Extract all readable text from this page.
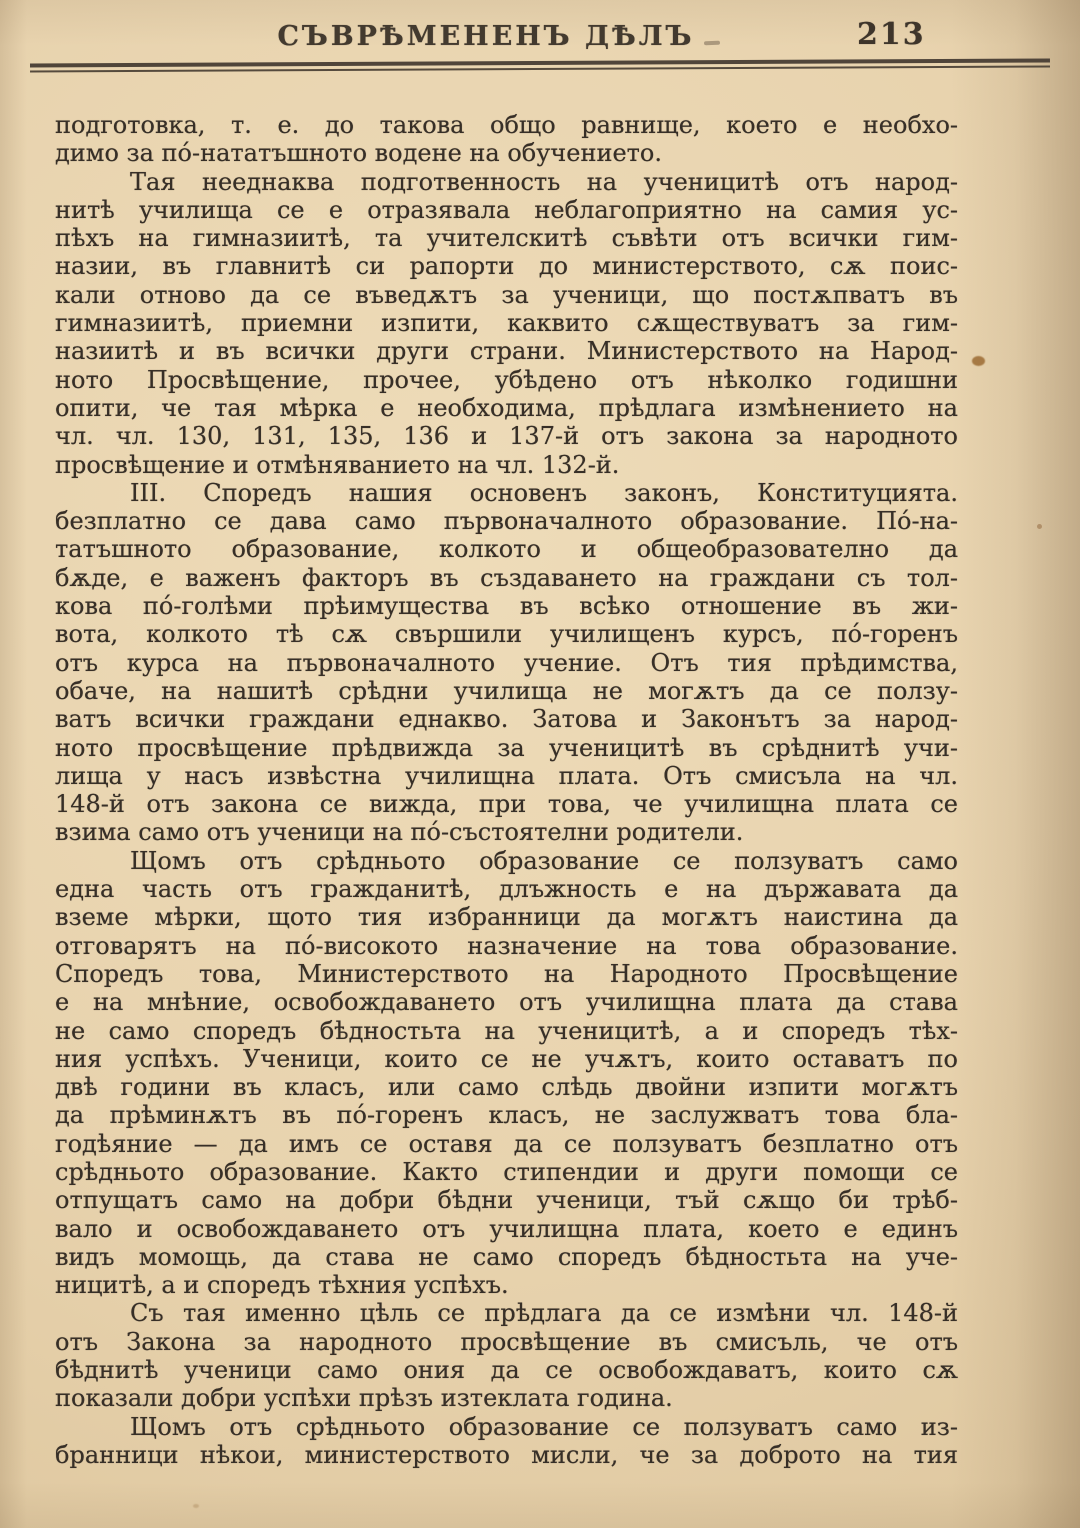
СЪВРѢМЕНЕНЪ ДѢЛЪ	213
подготовка, т. е. до такова общо равнище, което е необхо-
димо за пó-нататъшното водене на обучението.
Тая нееднаква подготвенность на ученицитѣ отъ народ-
нитѣ училища се е отразявала неблагоприятно на самия ус-
пѣхъ на гимназиитѣ, та учителскитѣ съвѣти отъ всички гим-
назии, въ главнитѣ си рапорти до министерството, сѫ поис-
кали отново да се въведѫтъ за ученици, що постѫпватъ въ
гимназиитѣ, приемни изпити, каквито сѫществуватъ за гим-
назиитѣ и въ всички други страни. Министерството на Народ-
ното Просвѣщение, прочее, убѣдено отъ нѣколко годишни
опити, че тая мѣрка е необходима, прѣдлага измѣнението на
чл. чл. 130, 131, 135, 136 и 137-й отъ закона за народното
просвѣщение и отмѣняванието на чл. 132-й.
III. Споредъ нашия основенъ законъ, Конституцията.
безплатно се дава само първоначалното образование. Пó-на-
татъшното образование, колкото и общеобразователно да
бѫде, е важенъ факторъ въ създаването на граждани съ тол-
кова пó-голѣми прѣимущества въ всѣко отношение въ жи-
вота, колкото тѣ сѫ свършили училищенъ курсъ, пó-горенъ
отъ курса на първоначалното учение. Отъ тия прѣдимства,
обаче, на нашитѣ срѣдни училища не могѫтъ да се ползу-
ватъ всички граждани еднакво. Затова и Законътъ за народ-
ното просвѣщение прѣдвижда за ученицитѣ въ срѣднитѣ учи-
лища у насъ извѣстна училищна плата. Отъ смисъла на чл.
148-й отъ закона се вижда, при това, че училищна плата се
взима само отъ ученици на пó-състоятелни родители.
Щомъ отъ срѣдньото образование се ползуватъ само
една часть отъ гражданитѣ, длъжность е на държавата да
вземе мѣрки, щото тия избранници да могѫтъ наистина да
отговарятъ на пó-високото назначение на това образование.
Споредъ това, Министерството на Народното Просвѣщение
е на мнѣние, освобождаването отъ училищна плата да става
не само споредъ бѣдностьта на ученицитѣ, а и споредъ тѣх-
ния успѣхъ. Ученици, които се не учѫтъ, които оставатъ по
двѣ години въ класъ, или само слѣдь двойни изпити могѫтъ
да прѣминѫтъ въ пó-горенъ класъ, не заслужватъ това бла-
годѣяние — да имъ се оставя да се ползуватъ безплатно отъ
срѣдньото образование. Както стипендии и други помощи се
отпущатъ само на добри бѣдни ученици, тъй сѫщо би трѣб-
вало и освобождаването отъ училищна плата, което е единъ
видъ момощь, да става не само споредъ бѣдностьта на уче-
ницитѣ, а и споредъ тѣхния успѣхъ.
Съ тая именно цѣль се прѣдлага да се измѣни чл. 148-й
отъ Закона за народното просвѣщение въ смисъль, че отъ
бѣднитѣ ученици само ония да се освобождаватъ, които сѫ
показали добри успѣхи прѣзъ изтеклата година.
Щомъ отъ срѣдньото образование се ползуватъ само из-
бранници нѣкои, министерството мисли, че за доброто на тия
